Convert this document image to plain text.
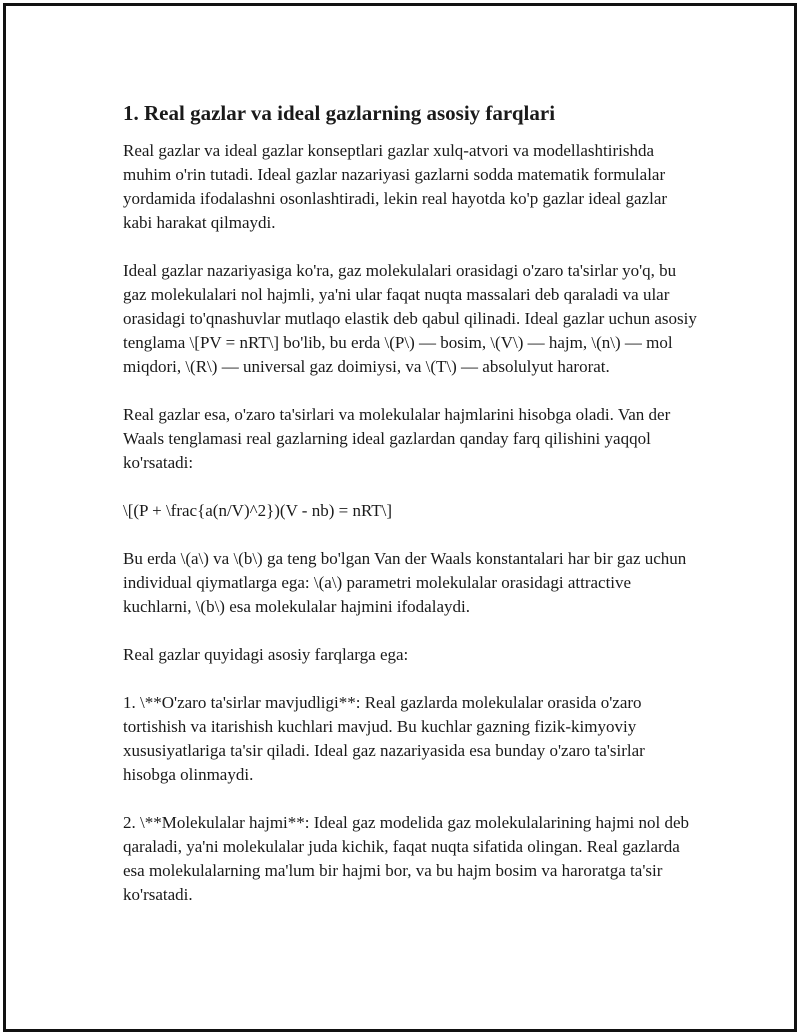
1. Real gazlar va ideal gazlarning asosiy farqlari

Real gazlar va ideal gazlar konseptlari gazlar xulq-atvori va modellashtirishda muhim o'rin tutadi. Ideal gazlar nazariyasi gazlarni sodda matematik formulalar yordamida ifodalashni osonlashtiradi, lekin real hayotda ko'p gazlar ideal gazlar kabi harakat qilmaydi.

Ideal gazlar nazariyasiga ko'ra, gaz molekulalari orasidagi o'zaro ta'sirlar yo'q, bu gaz molekulalari nol hajmli, ya'ni ular faqat nuqta massalari deb qaraladi va ular orasidagi to'qnashuvlar mutlaqo elastik deb qabul qilinadi. Ideal gazlar uchun asosiy tenglama \[PV = nRT\] bo'lib, bu erda \(P\) — bosim, \(V\) — hajm, \(n\) — mol miqdori, \(R\) — universal gaz doimiysi, va \(T\) — absolulyut harorat.

Real gazlar esa, o'zaro ta'sirlari va molekulalar hajmlarini hisobga oladi. Van der Waals tenglamasi real gazlarning ideal gazlardan qanday farq qilishini yaqqol ko'rsatadi:

\[(P + \frac{a(n/V)^2})(V - nb) = nRT\]

Bu erda \(a\) va \(b\) ga teng bo'lgan Van der Waals konstantalari har bir gaz uchun individual qiymatlarga ega: \(a\) parametri molekulalar orasidagi attractive kuchlarni, \(b\) esa molekulalar hajmini ifodalaydi.

Real gazlar quyidagi asosiy farqlarga ega:

1. \**O'zaro ta'sirlar mavjudligi**: Real gazlarda molekulalar orasida o'zaro tortishish va itarishish kuchlari mavjud. Bu kuchlar gazning fizik-kimyoviy xususiyatlariga ta'sir qiladi. Ideal gaz nazariyasida esa bunday o'zaro ta'sirlar hisobga olinmaydi.

2. \**Molekulalar hajmi**: Ideal gaz modelida gaz molekulalarining hajmi nol deb qaraladi, ya'ni molekulalar juda kichik, faqat nuqta sifatida olingan. Real gazlarda esa molekulalarning ma'lum bir hajmi bor, va bu hajm bosim va haroratga ta'sir ko'rsatadi.
